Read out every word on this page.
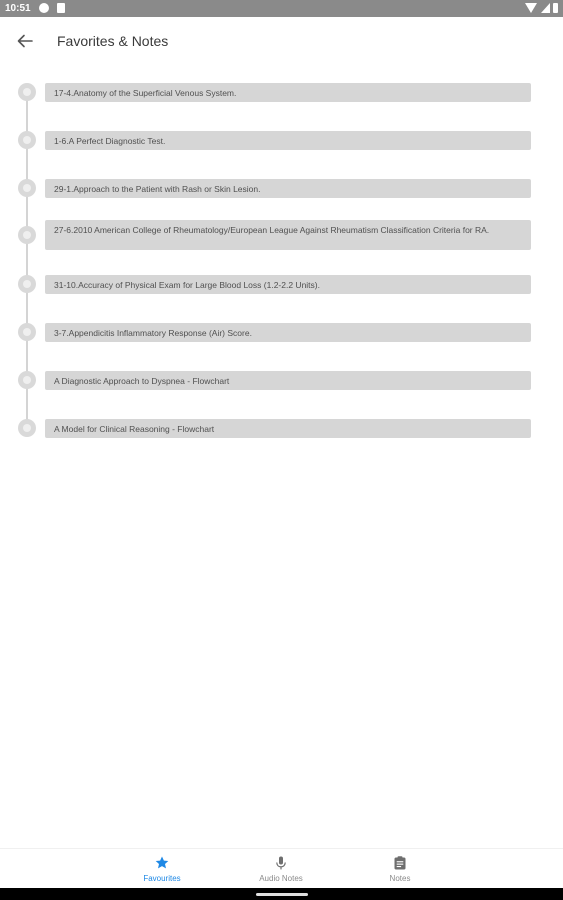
10:51
Favorites & Notes
17-4.Anatomy of the Superficial Venous System.
1-6.A Perfect Diagnostic Test.
29-1.Approach to the Patient with Rash or Skin Lesion.
27-6.2010 American College of Rheumatology/European League Against Rheumatism Classification Criteria for RA.
31-10.Accuracy of Physical Exam for Large Blood Loss (1.2-2.2 Units).
3-7.Appendicitis Inflammatory Response (Air) Score.
A Diagnostic Approach to Dyspnea - Flowchart
A Model for Clinical Reasoning - Flowchart
Favourites	Audio Notes	Notes
